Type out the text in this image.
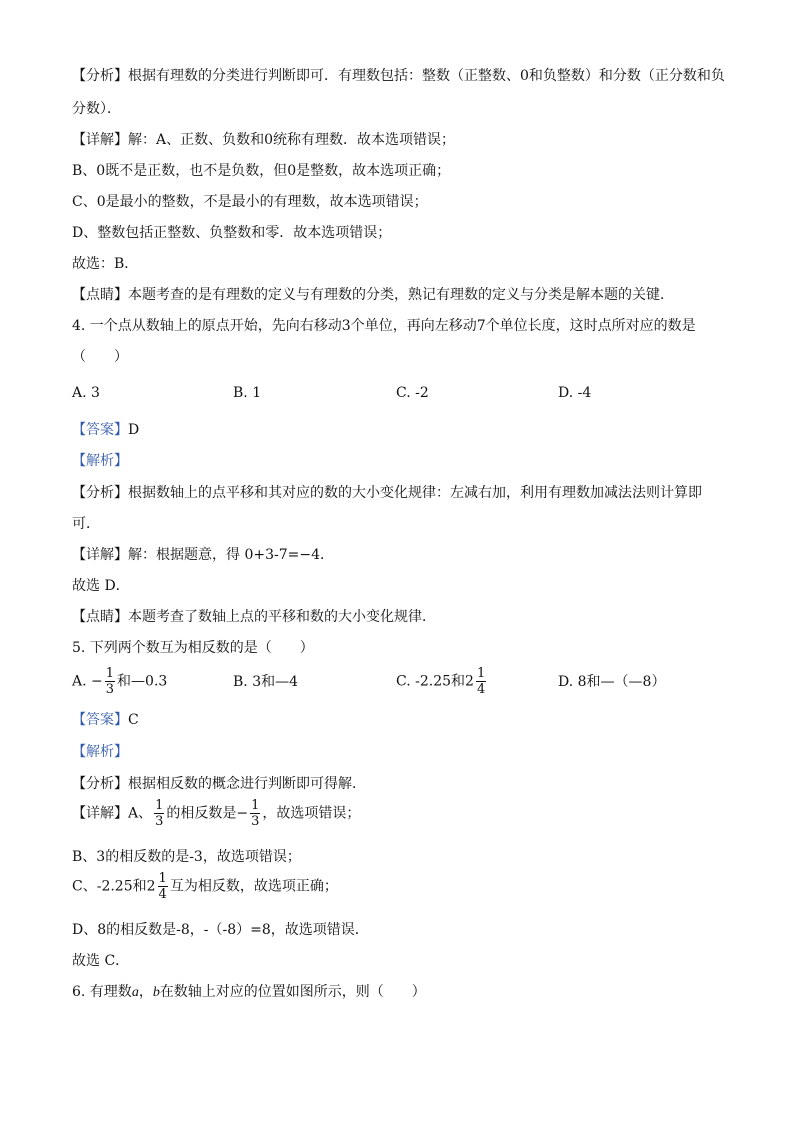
【分析】根据有理数的分类进行判断即可．有理数包括：整数（正整数、0和负整数）和分数（正分数和负
分数）．
【详解】解：A、正数、负数和0统称有理数．故本选项错误；
B、0既不是正数，也不是负数，但0是整数，故本选项正确；
C、0是最小的整数，不是最小的有理数，故本选项错误；
D、整数包括正整数、负整数和零．故本选项错误；
故选：B．
【点睛】本题考查的是有理数的定义与有理数的分类，熟记有理数的定义与分类是解本题的关键．
4. 一个点从数轴上的原点开始，先向右移动3个单位，再向左移动7个单位长度，这时点所对应的数是
（　　）
A. 3	B. 1	C. -2	D. -4
【答案】D
【解析】
【分析】根据数轴上的点平移和其对应的数的大小变化规律：左减右加，利用有理数加减法法则计算即
可．
【详解】解：根据题意，得 0+3-7=−4．
故选 D．
【点睛】本题考查了数轴上点的平移和数的大小变化规律．
5. 下列两个数互为相反数的是（　　）
A. − $\frac{1}{3}$ 和—0.3	B. 3和—4	C. -2.25和$2 \frac{1}{4}$	D. 8和—（—8）
【答案】C
【解析】
【分析】根据相反数的概念进行判断即可得解．
【详解】A、 $\frac{1}{3}$ 的相反数是− $\frac{1}{3}$ ，故选项错误；
B、3的相反数的是-3，故选项错误；
C、-2.25和$2 \frac{1}{4}$ 互为相反数，故选项正确；
D、8的相反数是-8，-（-8）=8，故选项错误．
故选 C．
6. 有理数a，b在数轴上对应的位置如图所示，则（　　）
